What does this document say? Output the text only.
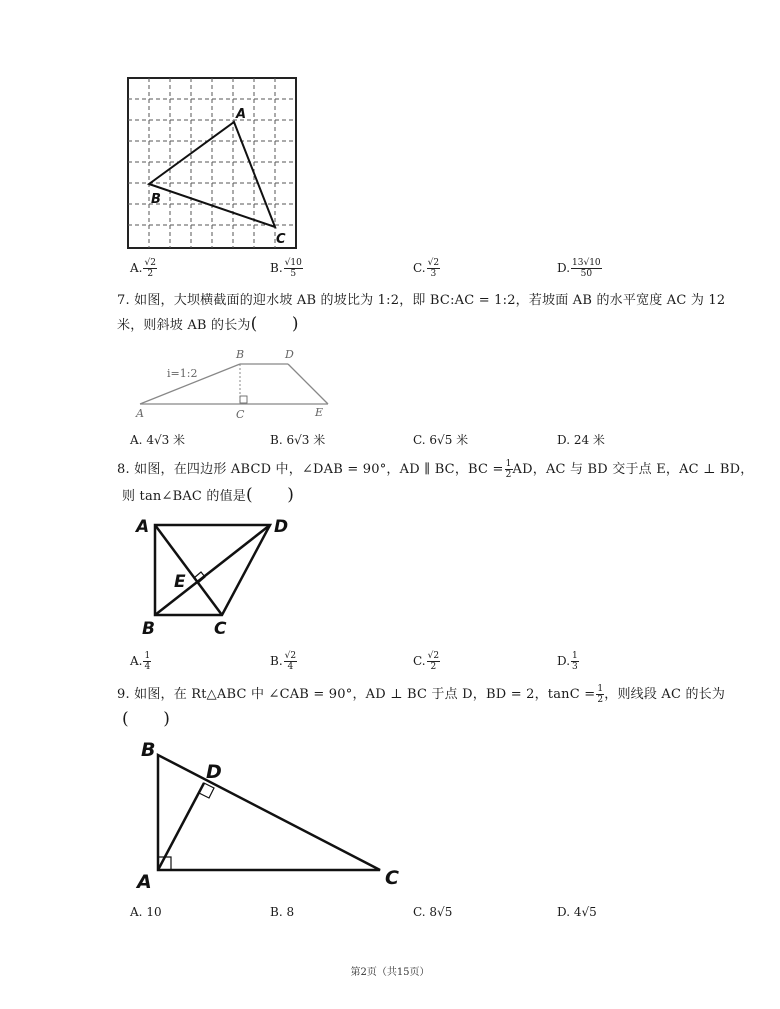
A
B
C
A. $\frac{√2}{2}$	B. $\frac{√10}{5}$	C. $\frac{√2}{3}$	D. $\frac{13√10}{50}$
7. 如图，大坝横截面的迎水坡 AB 的坡比为 1:2，即 BC:AC = 1:2，若坡面 AB 的水平宽度 AC 为 12
米，则斜坡 AB 的长为(　　)
i=1:2
A
B
C
D
E
A. 4√3 米	B. 6√3 米	C. 6√5 米	D. 24 米
8. 如图，在四边形 ABCD 中，∠DAB = 90°，AD ∥ BC，BC = $\frac{1}{2}$ AD，AC 与 BD 交于点 E，AC ⊥ BD，
则 tan∠BAC 的值是(　　)
A
B	C
D
E
A. $\frac{1}{4}$	B. $\frac{√2}{4}$	C. $\frac{√2}{2}$	D. $\frac{1}{3}$
9. 如图，在 Rt△ABC 中 ∠CAB = 90°，AD ⊥ BC 于点 D，BD = 2，$\tan C = \frac{1}{2}$ ，则线段 AC 的长为
(　　)
B
D
A	C
A. 10	B. 8	C. 8√5	D. 4√5
第2页（共15页）
